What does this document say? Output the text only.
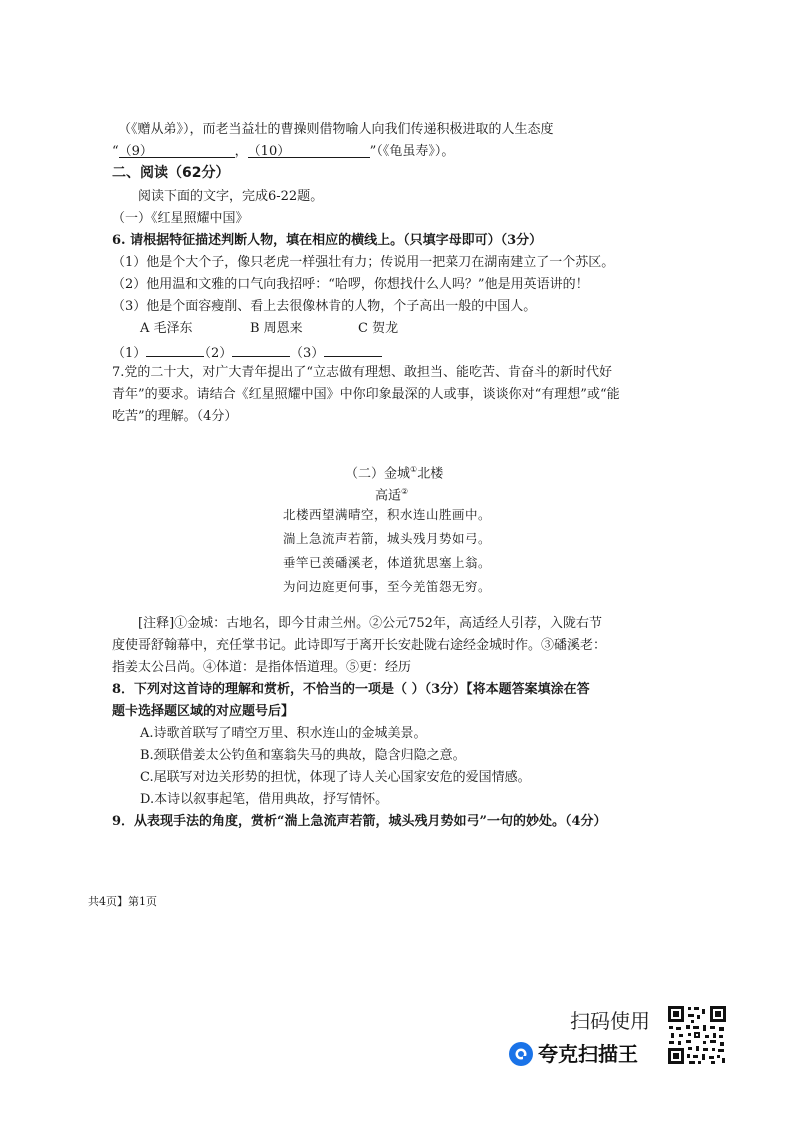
（《赠从弟》），而老当益壮的曹操则借物喻人向我们传递积极进取的人生态度
“（9）	，（10）	”（《龟虽寿》）。
二、阅读（62分）
阅读下面的文字，完成6-22题。
（一）《红星照耀中国》
6. 请根据特征描述判断人物，填在相应的横线上。（只填字母即可）（3分）
（1）他是个大个子，像只老虎一样强壮有力；传说用一把菜刀在湖南建立了一个苏区。
（2）他用温和文雅的口气向我招呼：“哈啰，你想找什么人吗？”他是用英语讲的！
（3）他是个面容瘦削、看上去很像林肯的人物，个子高出一般的中国人。
A 毛泽东	B 周恩来	C 贺龙
（1）	（2）	（3）
7.党的二十大，对广大青年提出了“立志做有理想、敢担当、能吃苦、肯奋斗的新时代好
青年”的要求。请结合《红星照耀中国》中你印象最深的人或事，谈谈你对“有理想”或“能
吃苦”的理解。（4分）
（二）金城①北楼
高适②
北楼西望满晴空，积水连山胜画中。
湍上急流声若箭，城头残月势如弓。
垂竿已羡磻溪老，体道犹思塞上翁。
为问边庭更何事，至今羌笛怨无穷。
[注释]①金城：古地名，即今甘肃兰州。②公元752年，高适经人引荐，入陇右节
度使哥舒翰幕中，充任掌书记。此诗即写于离开长安赴陇右途经金城时作。③磻溪老：
指姜太公吕尚。④体道：是指体悟道理。⑤更：经历
8．下列对这首诗的理解和赏析，不恰当的一项是（ ）（3分）【将本题答案填涂在答
题卡选择题区域的对应题号后】
A.诗歌首联写了晴空万里、积水连山的金城美景。
B.颈联借姜太公钓鱼和塞翁失马的典故，隐含归隐之意。
C.尾联写对边关形势的担忧，体现了诗人关心国家安危的爱国情感。
D.本诗以叙事起笔，借用典故，抒写情怀。
9．从表现手法的角度，赏析“湍上急流声若箭，城头残月势如弓”一句的妙处。（4分）
共4页】第1页
扫码使用
夸克扫描王
